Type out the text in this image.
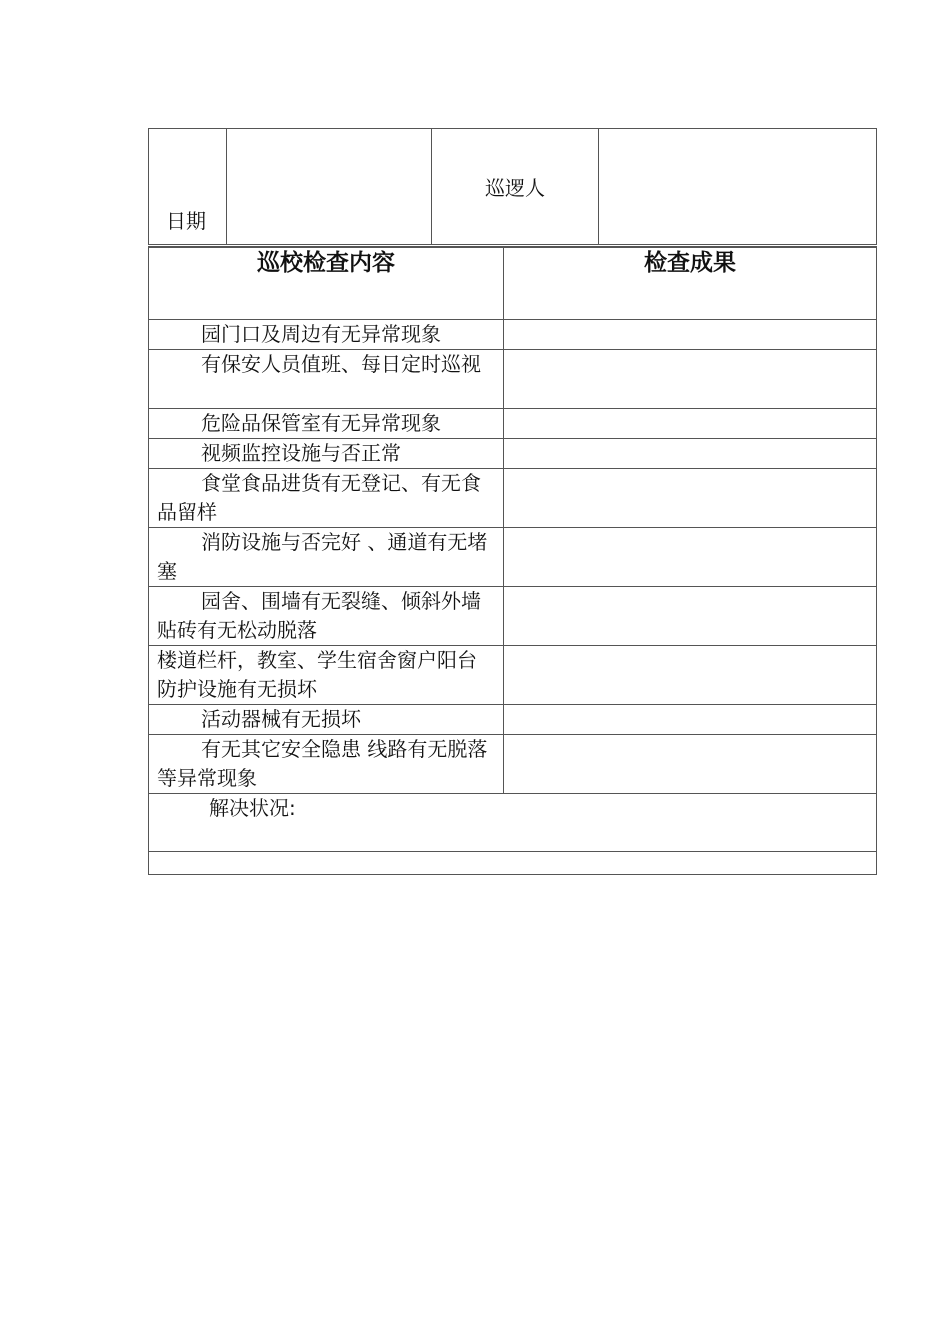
日期		巡逻人	
巡校检查内容	检查成果
园门口及周边有无异常现象	
有保安人员值班、每日定时巡视	
危险品保管室有无异常现象	
视频监控设施与否正常	
食堂食品进货有无登记、有无食品留样	
消防设施与否完好 、通道有无堵塞	
园舍、围墙有无裂缝、倾斜外墙贴砖有无松动脱落	
楼道栏杆，教室、学生宿舍窗户阳台防护设施有无损坏	
活动器械有无损坏	
有无其它安全隐患 线路有无脱落等异常现象	
解决状况:	
